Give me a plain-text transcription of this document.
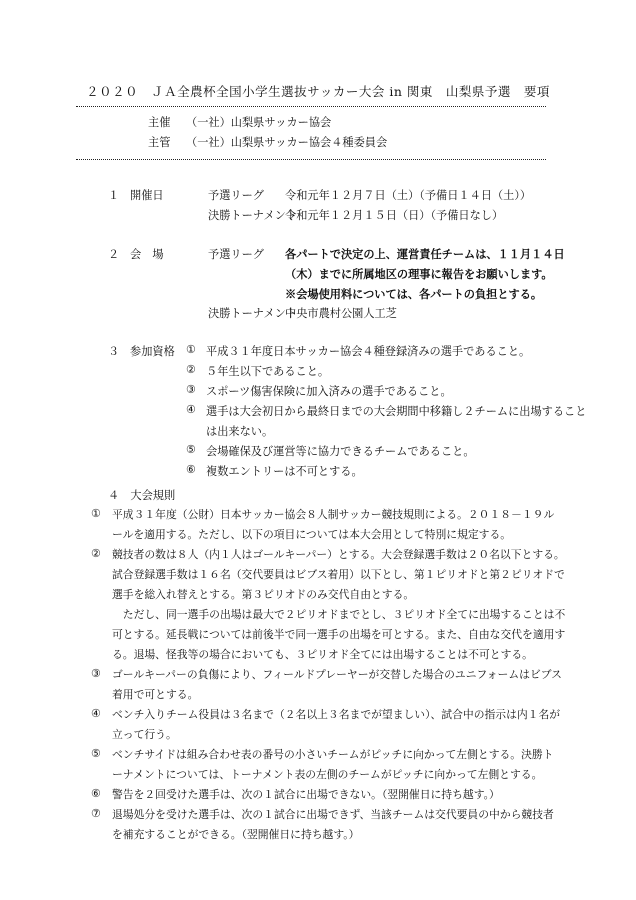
２０２０　ＪＡ全農杯全国小学生選抜サッカー大会 in 関東　山梨県予選　要項
主催 （一社）山梨県サッカー協会
主管 （一社）山梨県サッカー協会４種委員会
１ 開催日	予選リーグ 令和元年１２月７日（土）（予備日１４日（土））
決勝トーナメント
令和元年１２月１５日（日）（予備日なし）
２ 会　場	予選リーグ 各パートで決定の上、運営責任チームは、１１月１４日
（木）までに所属地区の理事に報告をお願いします。
※会場使用料については、各パートの負担とする。
決勝トーナメント
中央市農村公園人工芝
３ 参加資格 ① 平成３１年度日本サッカー協会４種登録済みの選手であること。
② ５年生以下であること。
③ スポーツ傷害保険に加入済みの選手であること。
④ 選手は大会初日から最終日までの大会期間中移籍し２チームに出場すること
は出来ない。
⑤ 会場確保及び運営等に協力できるチームであること。
⑥ 複数エントリーは不可とする。
４　大会規則
① 平成３１年度（公財）日本サッカー協会８人制サッカー競技規則による。２０１８－１９ル
ールを適用する。ただし、以下の項目については本大会用として特別に規定する。
② 競技者の数は８人（内１人はゴールキーパー）とする。大会登録選手数は２０名以下とする。
試合登録選手数は１６名（交代要員はビブス着用）以下とし、第１ピリオドと第２ピリオドで
選手を総入れ替えとする。第３ピリオドのみ交代自由とする。
　ただし、同一選手の出場は最大で２ピリオドまでとし、３ピリオド全てに出場することは不
可とする。延長戦については前後半で同一選手の出場を可とする。また、自由な交代を適用す
る。退場、怪我等の場合においても、３ピリオド全てには出場することは不可とする。
③ ゴールキーパーの負傷により、フィールドプレーヤーが交替した場合のユニフォームはビブス
着用で可とする。
④ ベンチ入りチーム役員は３名まで（２名以上３名までが望ましい）、試合中の指示は内１名が
立って行う。
⑤ ベンチサイドは組み合わせ表の番号の小さいチームがピッチに向かって左側とする。決勝ト
ーナメントについては、トーナメント表の左側のチームがピッチに向かって左側とする。
⑥ 警告を２回受けた選手は、次の１試合に出場できない。（翌開催日に持ち越す。）
⑦ 退場処分を受けた選手は、次の１試合に出場できず、当該チームは交代要員の中から競技者
を補充することができる。（翌開催日に持ち越す。）
